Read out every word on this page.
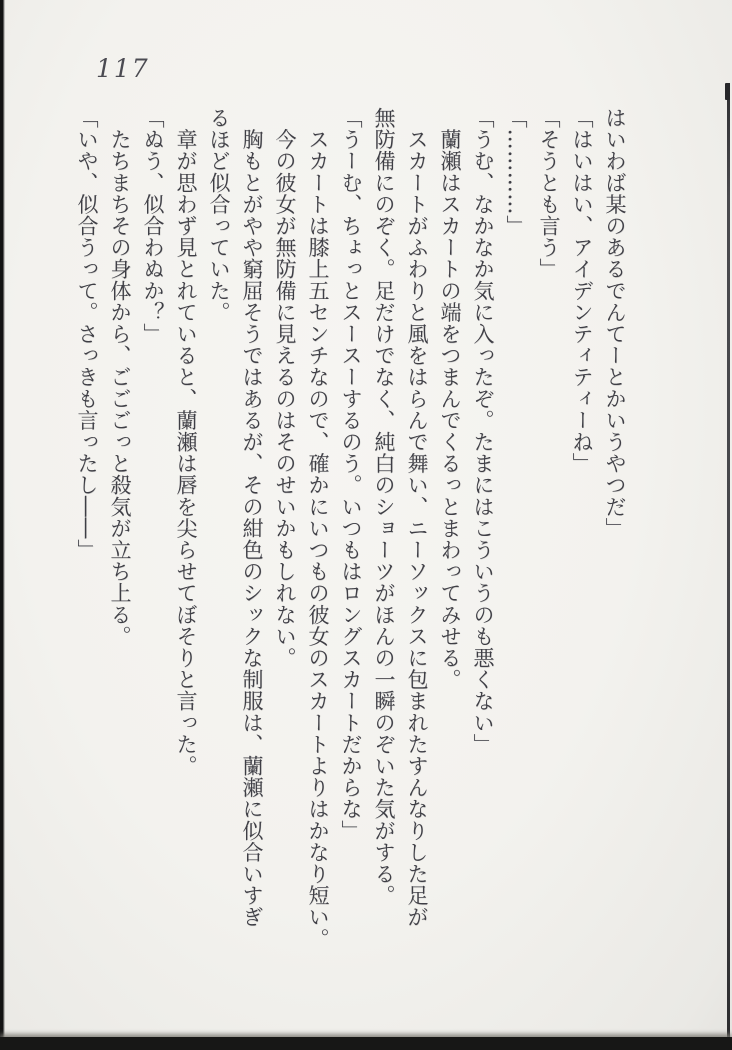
117
はいわば某のあるでんてーとかいうやつだ」
「はいはい、アイデンティティーね」
「そうとも言う」
「…………」
「うむ、なかなか気に入ったぞ。たまにはこういうのも悪くない」
　蘭瀬はスカートの端をつまんでくるっとまわってみせる。
　スカートがふわりと風をはらんで舞い、ニーソックスに包まれたすんなりした足が
無防備にのぞく。足だけでなく、純白のショーツがほんの一瞬のぞいた気がする。
「うーむ、ちょっとスースーするのう。いつもはロングスカートだからな」
　スカートは膝上五センチなので、確かにいつもの彼女のスカートよりはかなり短い。
　今の彼女が無防備に見えるのはそのせいかもしれない。
　胸もとがやや窮屈そうではあるが、その紺色のシックな制服は、蘭瀬に似合いすぎ
るほど似合っていた。
　章が思わず見とれていると、蘭瀬は唇を尖らせてぼそりと言った。
「ぬう、似合わぬか？」
　たちまちその身体から、ごごごっと殺気が立ち上る。
「いや、似合うって。さっきも言ったし――」
